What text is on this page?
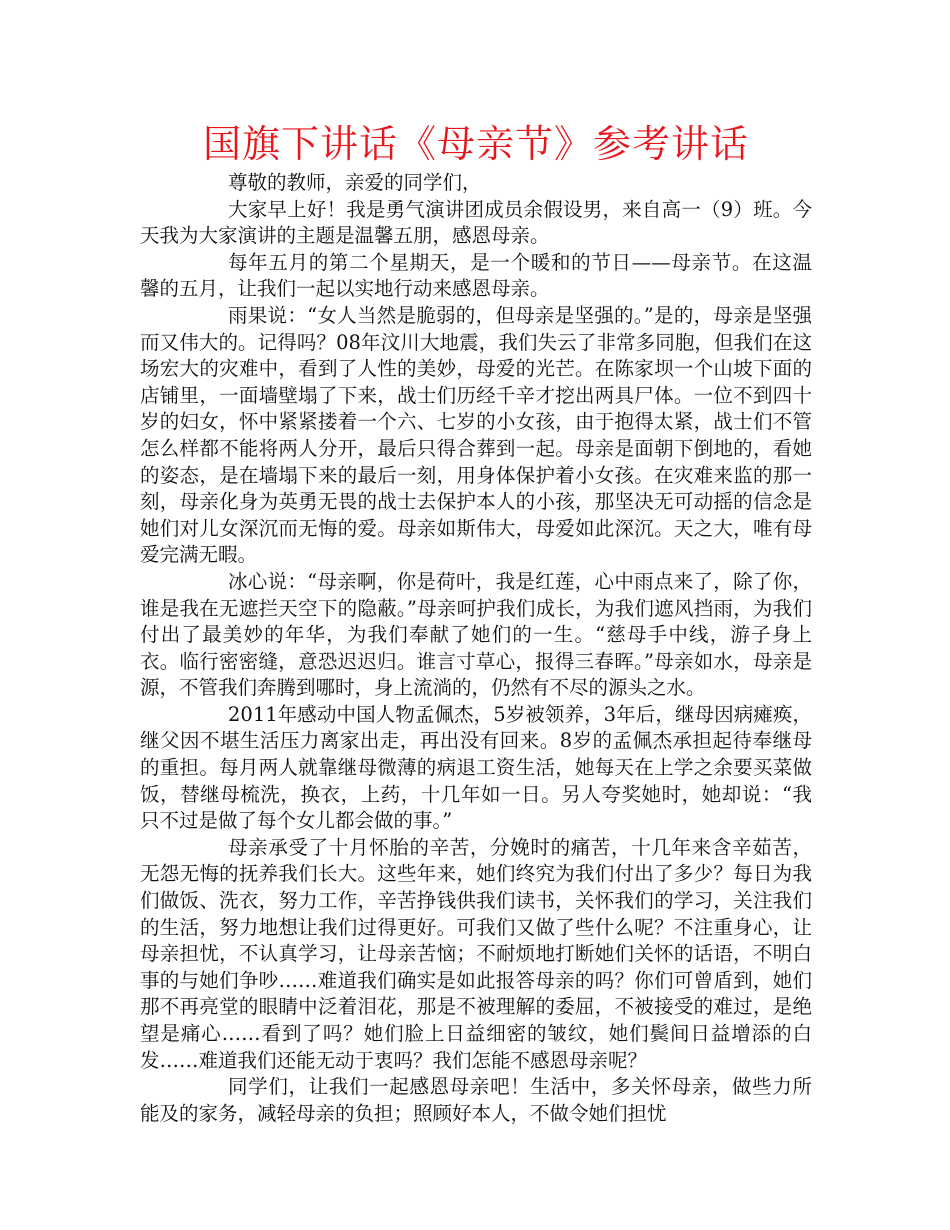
国旗下讲话《母亲节》参考讲话

尊敬的教师，亲爱的同学们，

大家早上好！我是勇气演讲团成员余假设男，来自高一（9）班。今天我为大家演讲的主题是温馨五朋，感恩母亲。

每年五月的第二个星期天，是一个暖和的节日——母亲节。在这温馨的五月，让我们一起以实地行动来感恩母亲。

雨果说：“女人当然是脆弱的，但母亲是坚强的。”是的，母亲是坚强而又伟大的。记得吗？08年汶川大地震，我们失云了非常多同胞，但我们在这场宏大的灾难中，看到了人性的美妙，母爱的光芒。在陈家坝一个山坡下面的店铺里，一面墙壁塌了下来，战士们历经千辛才挖出两具尸体。一位不到四十岁的妇女，怀中紧紧搂着一个六、七岁的小女孩，由于抱得太紧，战士们不管怎么样都不能将两人分开，最后只得合葬到一起。母亲是面朝下倒地的，看她的姿态，是在墙塌下来的最后一刻，用身体保护着小女孩。在灾难来监的那一刻，母亲化身为英勇无畏的战士去保护本人的小孩，那坚决无可动摇的信念是她们对儿女深沉而无悔的爱。母亲如斯伟大，母爱如此深沉。天之大，唯有母爱完满无暇。

冰心说：“母亲啊，你是荷叶，我是红莲，心中雨点来了，除了你，谁是我在无遮拦天空下的隐蔽。”母亲呵护我们成长，为我们遮风挡雨，为我们付出了最美妙的年华，为我们奉献了她们的一生。“慈母手中线，游子身上衣。临行密密缝，意恐迟迟归。谁言寸草心，报得三春晖。”母亲如水，母亲是源，不管我们奔腾到哪时，身上流淌的，仍然有不尽的源头之水。

2011年感动中国人物孟佩杰，5岁被领养，3年后，继母因病瘫痪，继父因不堪生活压力离家出走，再出没有回来。8岁的孟佩杰承担起待奉继母的重担。每月两人就靠继母微薄的病退工资生活，她每天在上学之余要买菜做饭，替继母梳洗，换衣，上药，十几年如一日。另人夸奖她时，她却说：“我只不过是做了每个女儿都会做的事。”

母亲承受了十月怀胎的辛苦，分娩时的痛苦，十几年来含辛茹苦，无怨无悔的抚养我们长大。这些年来，她们终究为我们付出了多少？每日为我们做饭、洗衣，努力工作，辛苦挣钱供我们读书，关怀我们的学习，关注我们的生活，努力地想让我们过得更好。可我们又做了些什么呢？不注重身心，让母亲担忧，不认真学习，让母亲苦恼；不耐烦地打断她们关怀的话语，不明白事的与她们争吵……难道我们确实是如此报答母亲的吗？你们可曾盾到，她们那不再亮堂的眼睛中泛着泪花，那是不被理解的委屈，不被接受的难过，是绝望是痛心……看到了吗？她们脸上日益细密的皱纹，她们鬓间日益增添的白发……难道我们还能无动于衷吗？我们怎能不感恩母亲呢？

同学们，让我们一起感恩母亲吧！生活中，多关怀母亲，做些力所能及的家务，减轻母亲的负担；照顾好本人，不做令她们担忧
